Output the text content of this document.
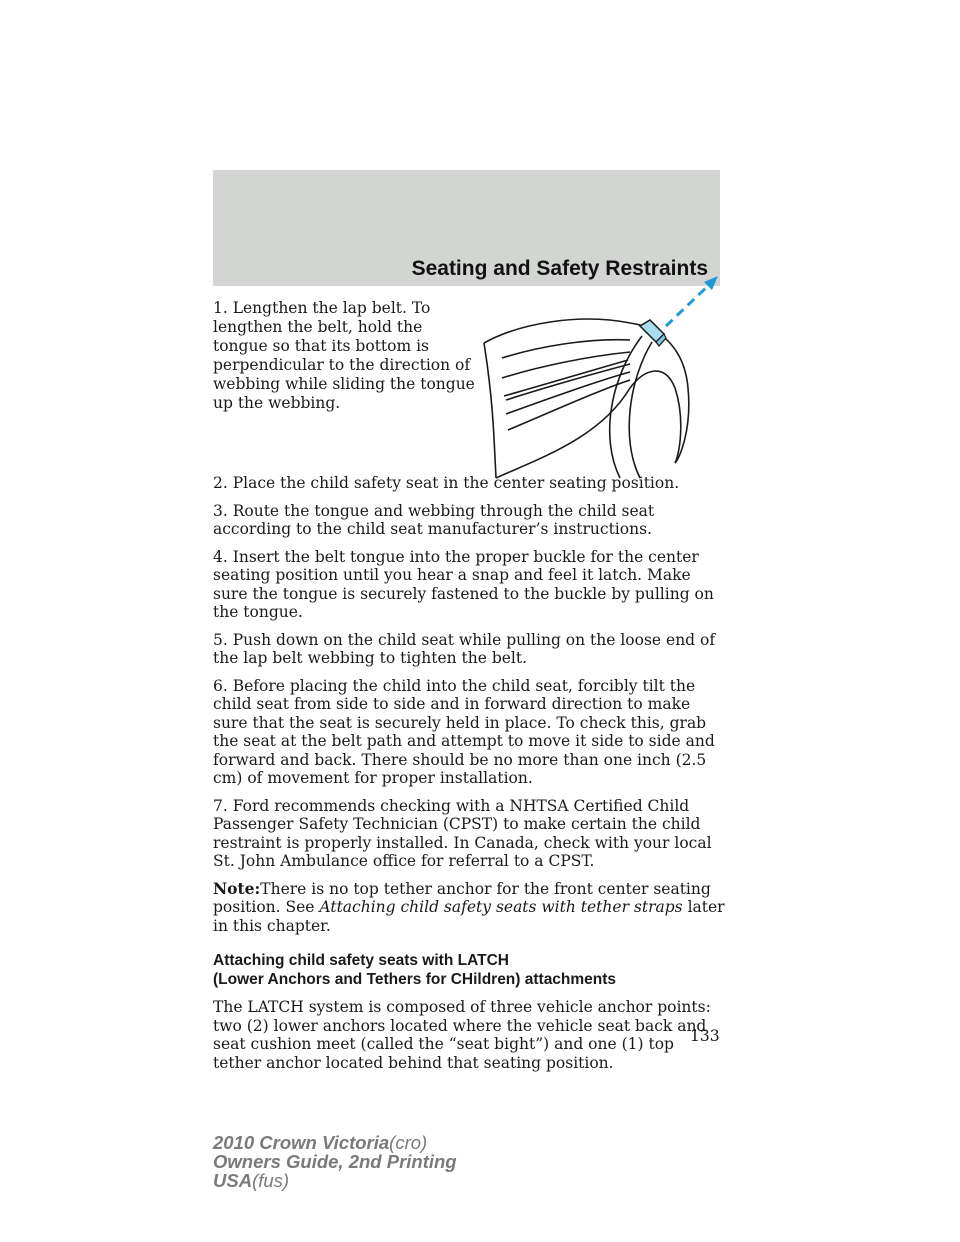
Seating and Safety Restraints

1. Lengthen the lap belt. To lengthen the belt, hold the tongue so that its bottom is perpendicular to the direction of webbing while sliding the tongue up the webbing.

2. Place the child safety seat in the center seating position.

3. Route the tongue and webbing through the child seat according to the child seat manufacturer’s instructions.

4. Insert the belt tongue into the proper buckle for the center seating position until you hear a snap and feel it latch. Make sure the tongue is securely fastened to the buckle by pulling on the tongue.

5. Push down on the child seat while pulling on the loose end of the lap belt webbing to tighten the belt.

6. Before placing the child into the child seat, forcibly tilt the child seat from side to side and in forward direction to make sure that the seat is securely held in place. To check this, grab the seat at the belt path and attempt to move it side to side and forward and back. There should be no more than one inch (2.5 cm) of movement for proper installation.

7. Ford recommends checking with a NHTSA Certified Child Passenger Safety Technician (CPST) to make certain the child restraint is properly installed. In Canada, check with your local St. John Ambulance office for referral to a CPST.

Note:There is no top tether anchor for the front center seating position. See Attaching child safety seats with tether straps later in this chapter.

Attaching child safety seats with LATCH
(Lower Anchors and Tethers for CHildren) attachments

The LATCH system is composed of three vehicle anchor points: two (2) lower anchors located where the vehicle seat back and seat cushion meet (called the “seat bight”) and one (1) top tether anchor located behind that seating position.

133
2010 Crown Victoria(cro)
Owners Guide, 2nd Printing
USA(fus)
